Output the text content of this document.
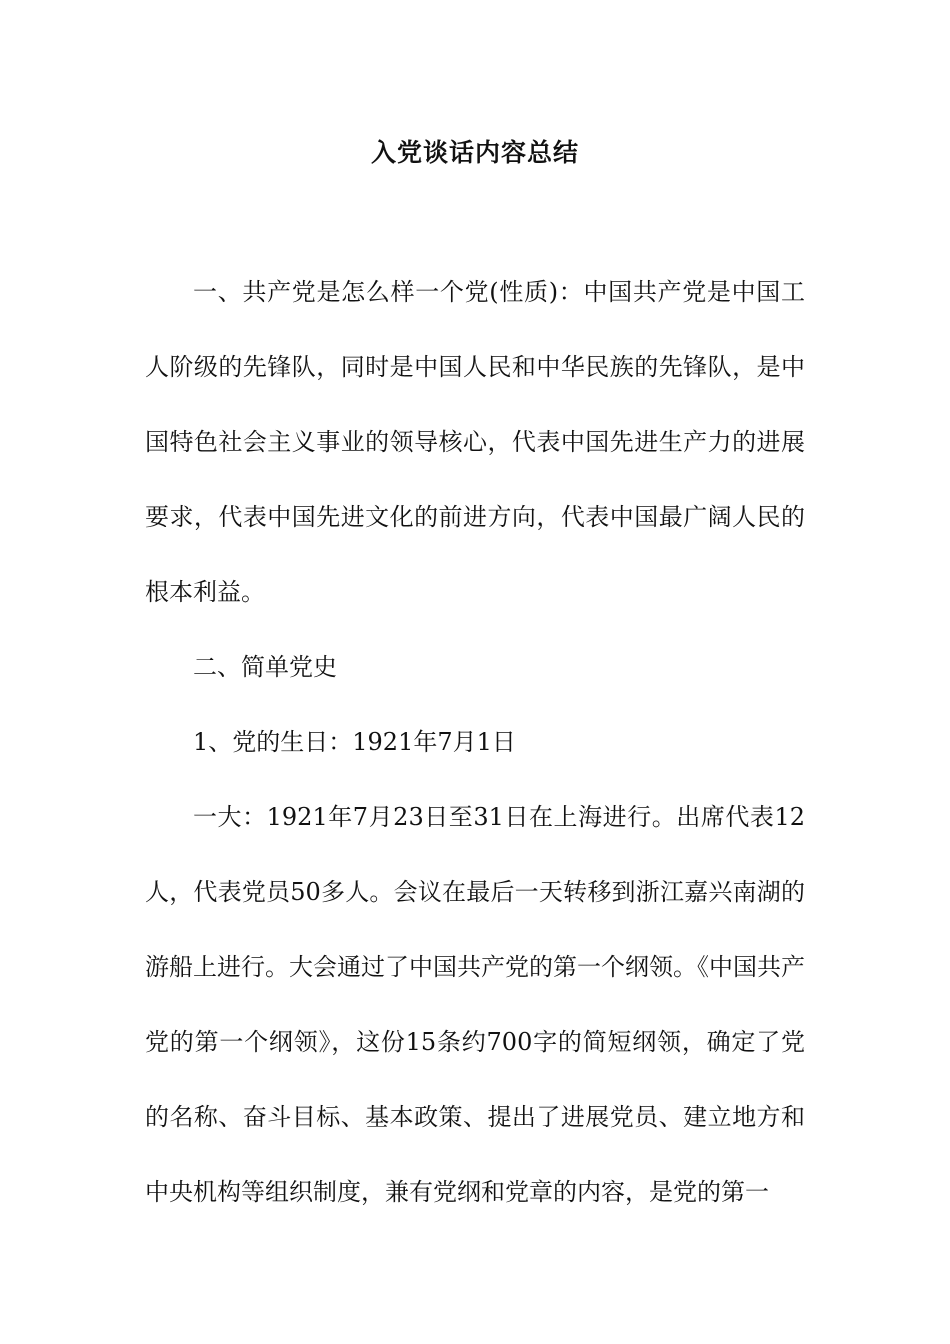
入党谈话内容总结

一、共产党是怎么样一个党(性质)：中国共产党是中国工人阶级的先锋队，同时是中国人民和中华民族的先锋队，是中国特色社会主义事业的领导核心，代表中国先进生产力的进展要求，代表中国先进文化的前进方向，代表中国最广阔人民的根本利益。

二、简单党史

1、党的生日：1921年7月1日

一大：1921年7月23日至31日在上海进行。出席代表12人，代表党员50多人。会议在最后一天转移到浙江嘉兴南湖的游船上进行。大会通过了中国共产党的第一个纲领。《中国共产党的第一个纲领》，这份15条约700字的简短纲领，确定了党的名称、奋斗目标、基本政策、提出了进展党员、建立地方和中央机构等组织制度，兼有党纲和党章的内容，是党的第一
